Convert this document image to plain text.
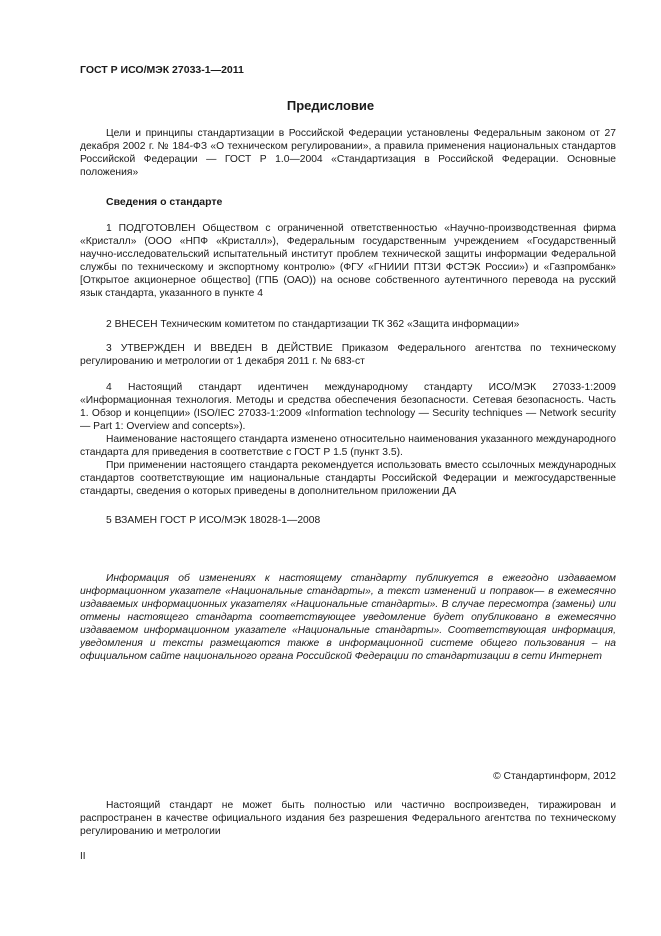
ГОСТ Р ИСО/МЭК 27033-1—2011
Предисловие

Цели и принципы стандартизации в Российской Федерации установлены Федеральным законом от 27 декабря 2002 г. № 184-ФЗ «О техническом регулировании», а правила применения национальных стандартов Российской Федерации — ГОСТ Р 1.0—2004 «Стандартизация в Российской Федерации. Основные положения»

Сведения о стандарте

1 ПОДГОТОВЛЕН Обществом с ограниченной ответственностью «Научно-производственная фирма «Кристалл» (ООО «НПФ «Кристалл»), Федеральным государственным учреждением «Государственный научно-исследовательский испытательный институт проблем технической защиты информации Федеральной службы по техническому и экспортному контролю» (ФГУ «ГНИИИ ПТЗИ ФСТЭК России») и «Газпромбанк» [Открытое акционерное общество] (ГПБ (ОАО)) на основе собственного аутентичного перевода на русский язык стандарта, указанного в пункте 4

2 ВНЕСЕН Техническим комитетом по стандартизации ТК 362 «Защита информации»

3 УТВЕРЖДЕН И ВВЕДЕН В ДЕЙСТВИЕ Приказом Федерального агентства по техническому регулированию и метрологии от 1 декабря 2011 г. № 683-ст

4 Настоящий стандарт идентичен международному стандарту ИСО/МЭК 27033-1:2009 «Информационная технология. Методы и средства обеспечения безопасности. Сетевая безопасность. Часть 1. Обзор и концепции» (ISO/IEC 27033-1:2009 «Information technology — Security techniques — Network security — Part 1: Overview and concepts»).

Наименование настоящего стандарта изменено относительно наименования указанного международного стандарта для приведения в соответствие с ГОСТ Р 1.5 (пункт 3.5).

При применении настоящего стандарта рекомендуется использовать вместо ссылочных международных стандартов соответствующие им национальные стандарты Российской Федерации и межгосударственные стандарты, сведения о которых приведены в дополнительном приложении ДА

5 ВЗАМЕН ГОСТ Р ИСО/МЭК 18028-1—2008

Информация об изменениях к настоящему стандарту публикуется в ежегодно издаваемом информационном указателе «Национальные стандарты», а текст изменений и поправок— в ежемесячно издаваемых информационных указателях «Национальные стандарты». В случае пересмотра (замены) или отмены настоящего стандарта соответствующее уведомление будет опубликовано в ежемесячно издаваемом информационном указателе «Национальные стандарты». Соответствующая информация, уведомления и тексты размещаются также в информационной системе общего пользования – на официальном сайте национального органа Российской Федерации по стандартизации в сети Интернет

© Стандартинформ, 2012

Настоящий стандарт не может быть полностью или частично воспроизведен, тиражирован и распространен в качестве официального издания без разрешения Федерального агентства по техническому регулированию и метрологии

II
